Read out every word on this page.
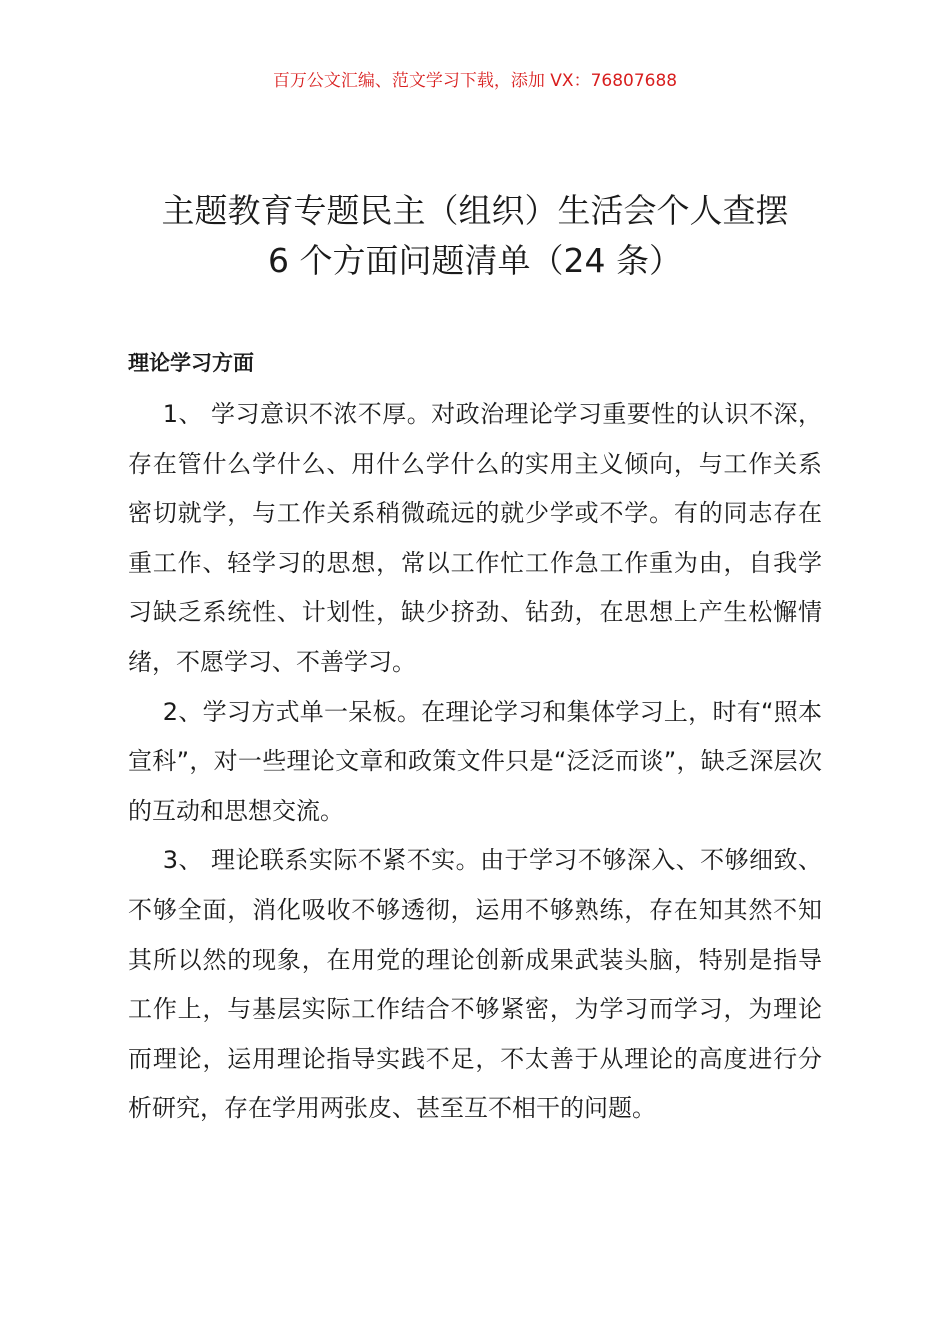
百万公文汇编、范文学习下载，添加 VX：76807688
主题教育专题民主（组织）生活会个人查摆
6 个方面问题清单（24 条）
理论学习方面

1、 学习意识不浓不厚。对政治理论学习重要性的认识不深，存在管什么学什么、用什么学什么的实用主义倾向，与工作关系密切就学，与工作关系稍微疏远的就少学或不学。有的同志存在重工作、轻学习的思想，常以工作忙工作急工作重为由，自我学习缺乏系统性、计划性，缺少挤劲、钻劲，在思想上产生松懈情绪，不愿学习、不善学习。

2、学习方式单一呆板。在理论学习和集体学习上，时有“照本宣科”，对一些理论文章和政策文件只是“泛泛而谈”，缺乏深层次的互动和思想交流。

3、 理论联系实际不紧不实。由于学习不够深入、不够细致、不够全面，消化吸收不够透彻，运用不够熟练，存在知其然不知其所以然的现象，在用党的理论创新成果武装头脑，特别是指导工作上，与基层实际工作结合不够紧密，为学习而学习，为理论而理论，运用理论指导实践不足，不太善于从理论的高度进行分析研究，存在学用两张皮、甚至互不相干的问题。
